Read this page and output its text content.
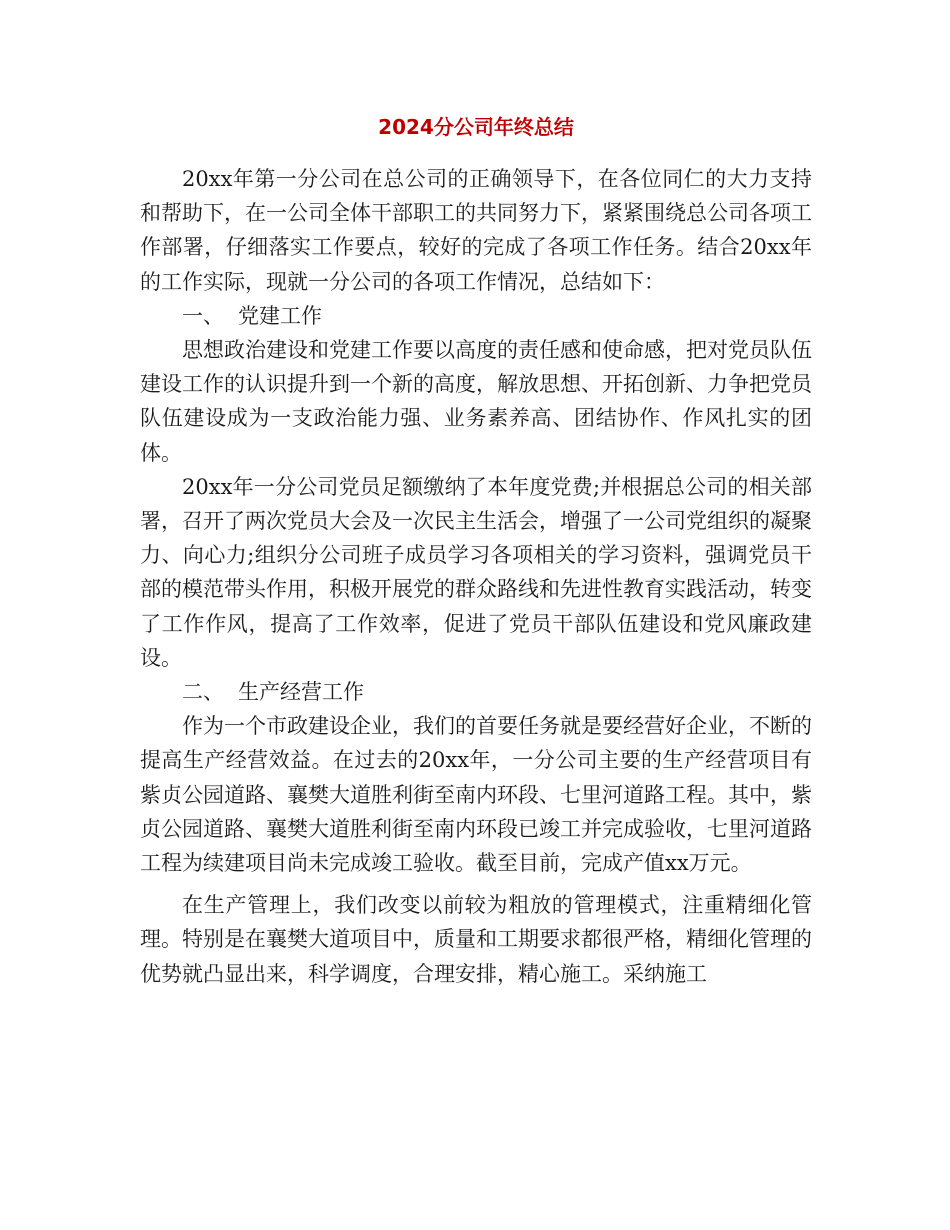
2024分公司年终总结

20xx年第一分公司在总公司的正确领导下，在各位同仁的大力支持和帮助下，在一公司全体干部职工的共同努力下，紧紧围绕总公司各项工作部署，仔细落实工作要点，较好的完成了各项工作任务。结合20xx年的工作实际，现就一分公司的各项工作情况，总结如下：

一、 党建工作

思想政治建设和党建工作要以高度的责任感和使命感，把对党员队伍建设工作的认识提升到一个新的高度，解放思想、开拓创新、力争把党员队伍建设成为一支政治能力强、业务素养高、团结协作、作风扎实的团体。

20xx年一分公司党员足额缴纳了本年度党费;并根据总公司的相关部署，召开了两次党员大会及一次民主生活会，增强了一公司党组织的凝聚力、向心力;组织分公司班子成员学习各项相关的学习资料，强调党员干部的模范带头作用，积极开展党的群众路线和先进性教育实践活动，转变了工作作风，提高了工作效率，促进了党员干部队伍建设和党风廉政建设。

二、 生产经营工作

作为一个市政建设企业，我们的首要任务就是要经营好企业，不断的提高生产经营效益。在过去的20xx年，一分公司主要的生产经营项目有紫贞公园道路、襄樊大道胜利街至南内环段、七里河道路工程。其中，紫贞公园道路、襄樊大道胜利街至南内环段已竣工并完成验收，七里河道路工程为续建项目尚未完成竣工验收。截至目前，完成产值xx万元。

在生产管理上，我们改变以前较为粗放的管理模式，注重精细化管理。特别是在襄樊大道项目中，质量和工期要求都很严格，精细化管理的优势就凸显出来，科学调度，合理安排，精心施工。采纳施工
